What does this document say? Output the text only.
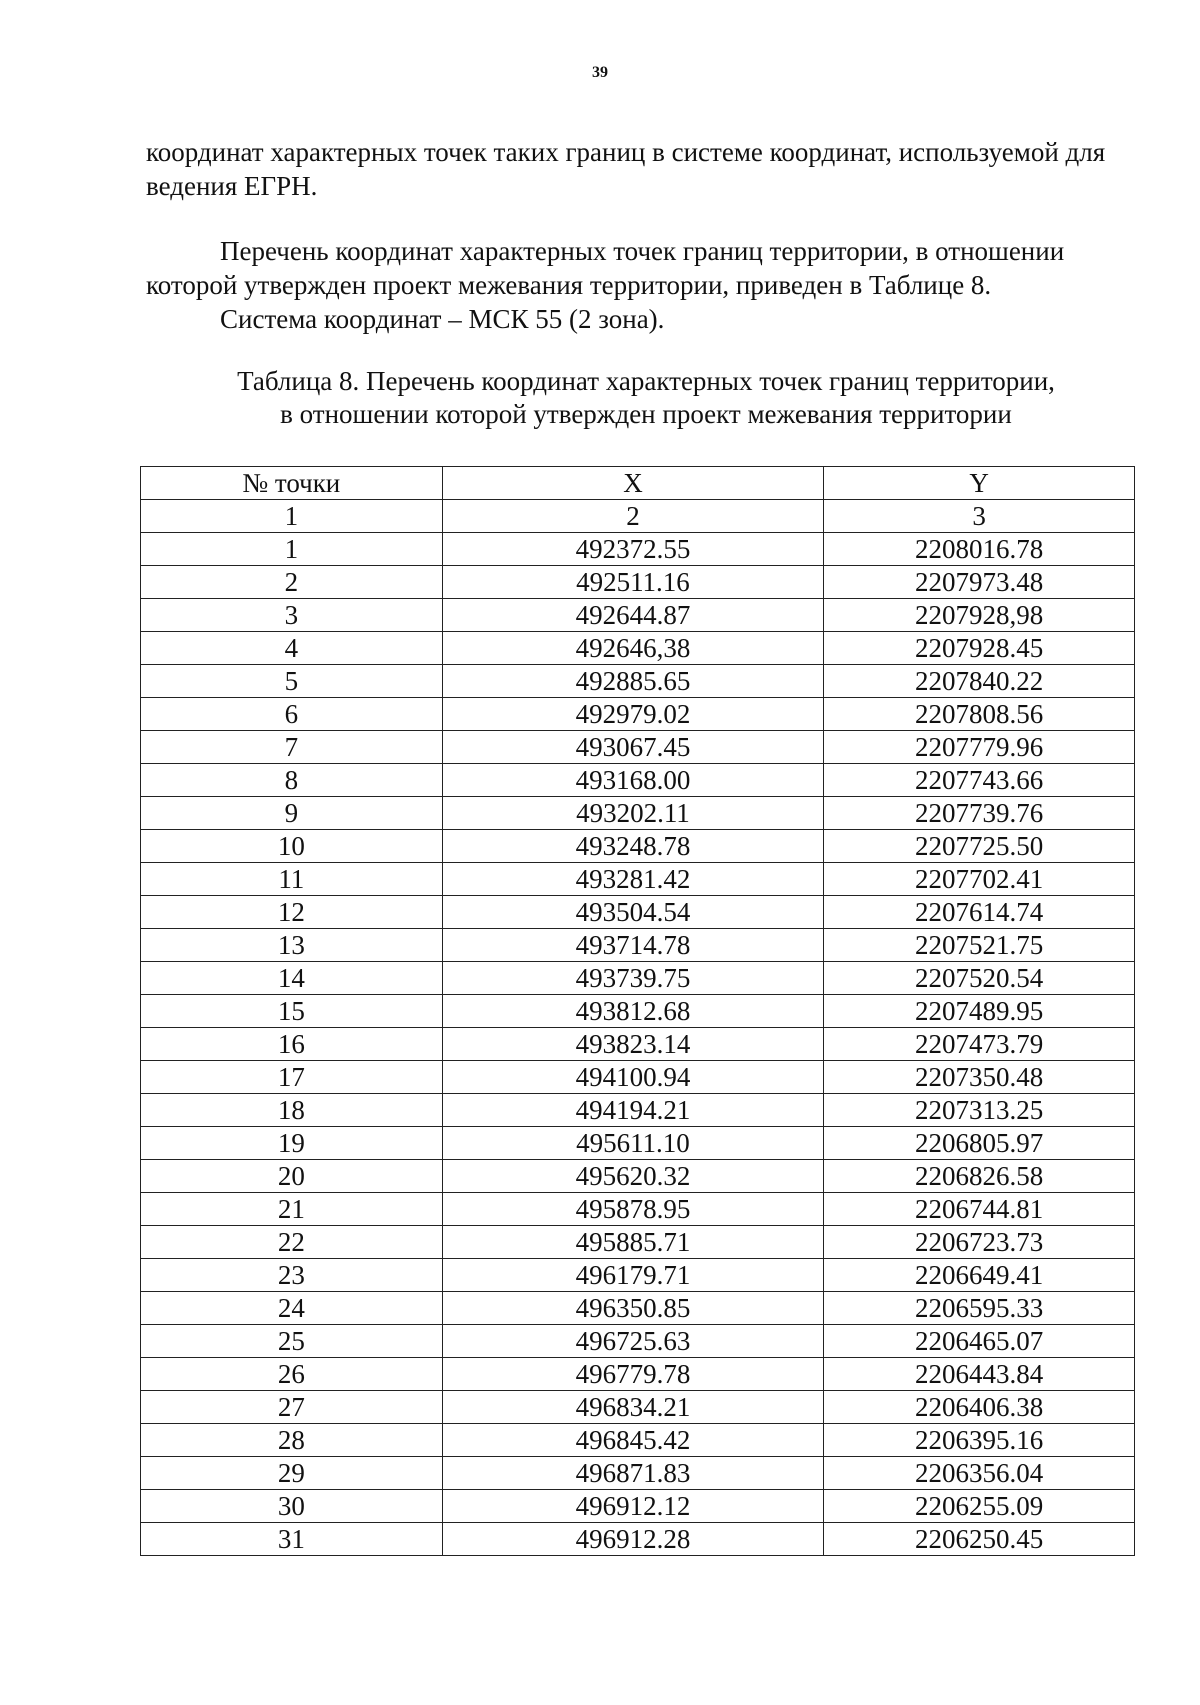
39
координат характерных точек таких границ в системе координат, используемой для ведения ЕГРН.
Перечень координат характерных точек границ территории, в отношении
которой утвержден проект межевания территории, приведен в Таблице 8.
Система координат – МСК 55 (2 зона).
Таблица 8. Перечень координат характерных точек границ территории,
в отношении которой утвержден проект межевания территории
№ точки	X	Y
1	2	3
1	492372.55	2208016.78
2	492511.16	2207973.48
3	492644.87	2207928,98
4	492646,38	2207928.45
5	492885.65	2207840.22
6	492979.02	2207808.56
7	493067.45	2207779.96
8	493168.00	2207743.66
9	493202.11	2207739.76
10	493248.78	2207725.50
11	493281.42	2207702.41
12	493504.54	2207614.74
13	493714.78	2207521.75
14	493739.75	2207520.54
15	493812.68	2207489.95
16	493823.14	2207473.79
17	494100.94	2207350.48
18	494194.21	2207313.25
19	495611.10	2206805.97
20	495620.32	2206826.58
21	495878.95	2206744.81
22	495885.71	2206723.73
23	496179.71	2206649.41
24	496350.85	2206595.33
25	496725.63	2206465.07
26	496779.78	2206443.84
27	496834.21	2206406.38
28	496845.42	2206395.16
29	496871.83	2206356.04
30	496912.12	2206255.09
31	496912.28	2206250.45
